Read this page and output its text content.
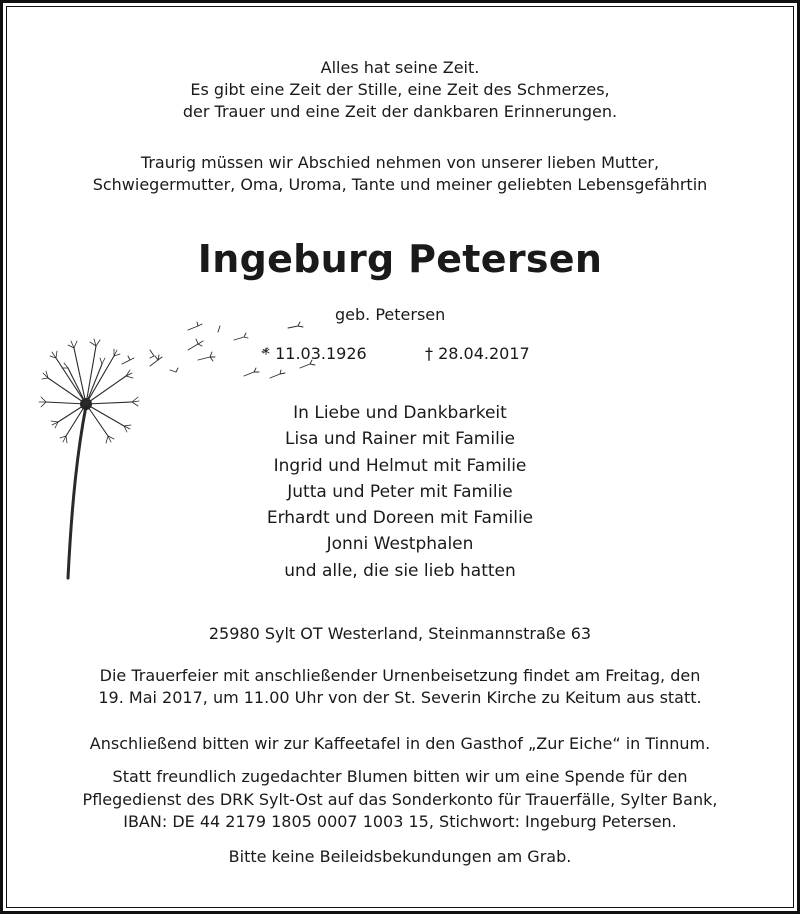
Alles hat seine Zeit.
Es gibt eine Zeit der Stille, eine Zeit des Schmerzes,
der Trauer und eine Zeit der dankbaren Erinnerungen.
Traurig müssen wir Abschied nehmen von unserer lieben Mutter,
Schwiegermutter, Oma, Uroma, Tante und meiner geliebten Lebensgefährtin
Ingeburg Petersen
geb. Petersen
* 11.03.1926	† 28.04.2017
In Liebe und Dankbarkeit
Lisa und Rainer mit Familie
Ingrid und Helmut mit Familie
Jutta und Peter mit Familie
Erhardt und Doreen mit Familie
Jonni Westphalen
und alle, die sie lieb hatten
25980 Sylt OT Westerland, Steinmannstraße 63
Die Trauerfeier mit anschließender Urnenbeisetzung findet am Freitag, den
19. Mai 2017, um 11.00 Uhr von der St. Severin Kirche zu Keitum aus statt.
Anschließend bitten wir zur Kaffeetafel in den Gasthof „Zur Eiche“ in Tinnum.
Statt freundlich zugedachter Blumen bitten wir um eine Spende für den
Pflegedienst des DRK Sylt-Ost auf das Sonderkonto für Trauerfälle, Sylter Bank,
IBAN: DE 44 2179 1805 0007 1003 15, Stichwort: Ingeburg Petersen.
Bitte keine Beileidsbekundungen am Grab.
